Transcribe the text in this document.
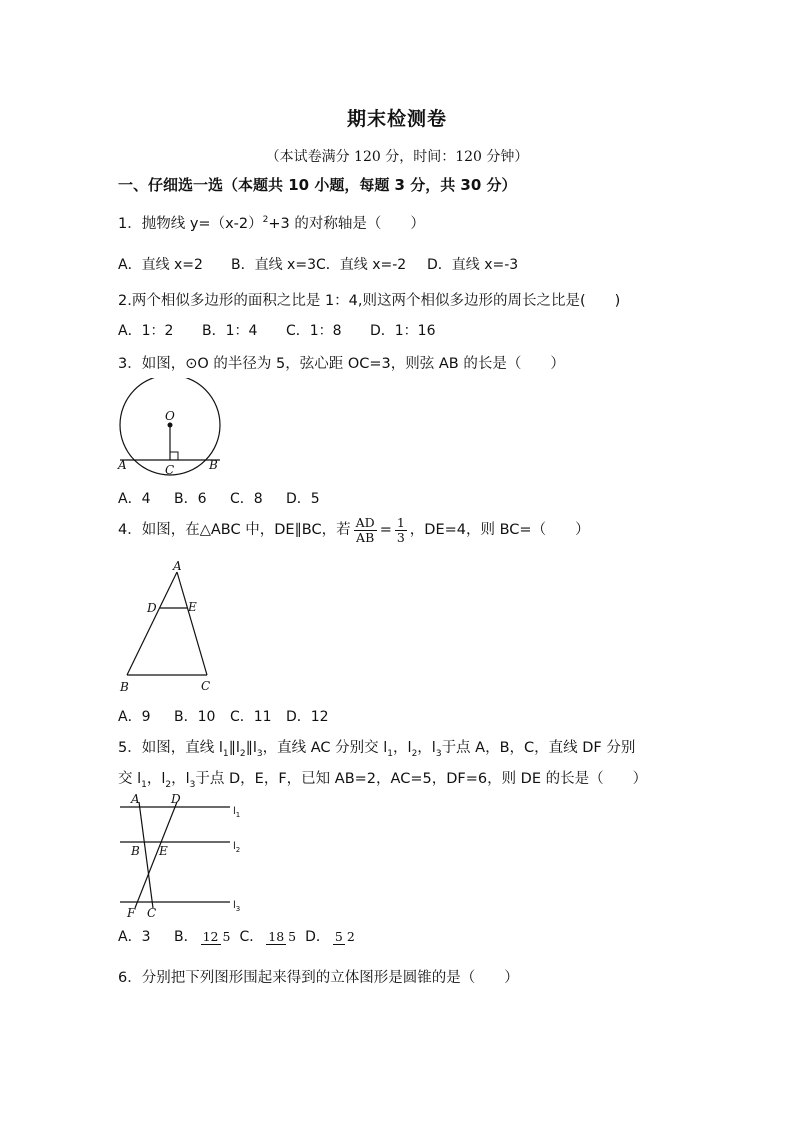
期末检测卷
（本试卷满分 120 分，时间：120 分钟）
一、仔细选一选（本题共 10 小题，每题 3 分，共 30 分）
1．抛物线 $y=(x-2)^2+3$ 的对称轴是（　　）
A．直线 x=2 B．直线 x=3C．直线 x=-2 D．直线 x=-3
2.两个相似多边形的面积之比是 1：4,则这两个相似多边形的周长之比是(　　)
A．1：2 B．1：4 C．1：8 D．1：16
3．如图，⊙O 的半径为 5，弦心距 OC=3，则弦 AB 的长是（　　）
O
A	C	B
A．4 B．6 C．8 D．5
4．如图，在△ABC 中，DE∥BC，若 $\frac{AD}{AB} = \frac{1}{3}$ ，DE=4，则 BC=（　　）
A
D	E
B	C
A．9 B．10 C．11 D．12
5．如图，直线 $l_1\parallel l_2\parallel l_3$，直线 AC 分别交 $l_1$，$l_2$，$l_3$于点 A，B，C，直线 DF 分别
交 $l_1$，$l_2$，$l_3$于点 D，E，F，已知 AB=2，AC=5，DF=6，则 DE 的长是（　　）
A	D
B E
F C
$l_1$
$l_2$
$l_3$
A．3 B． 12 5 C． 18 5 D． 5 2
6．分别把下列图形围起来得到的立体图形是圆锥的是（　　）
